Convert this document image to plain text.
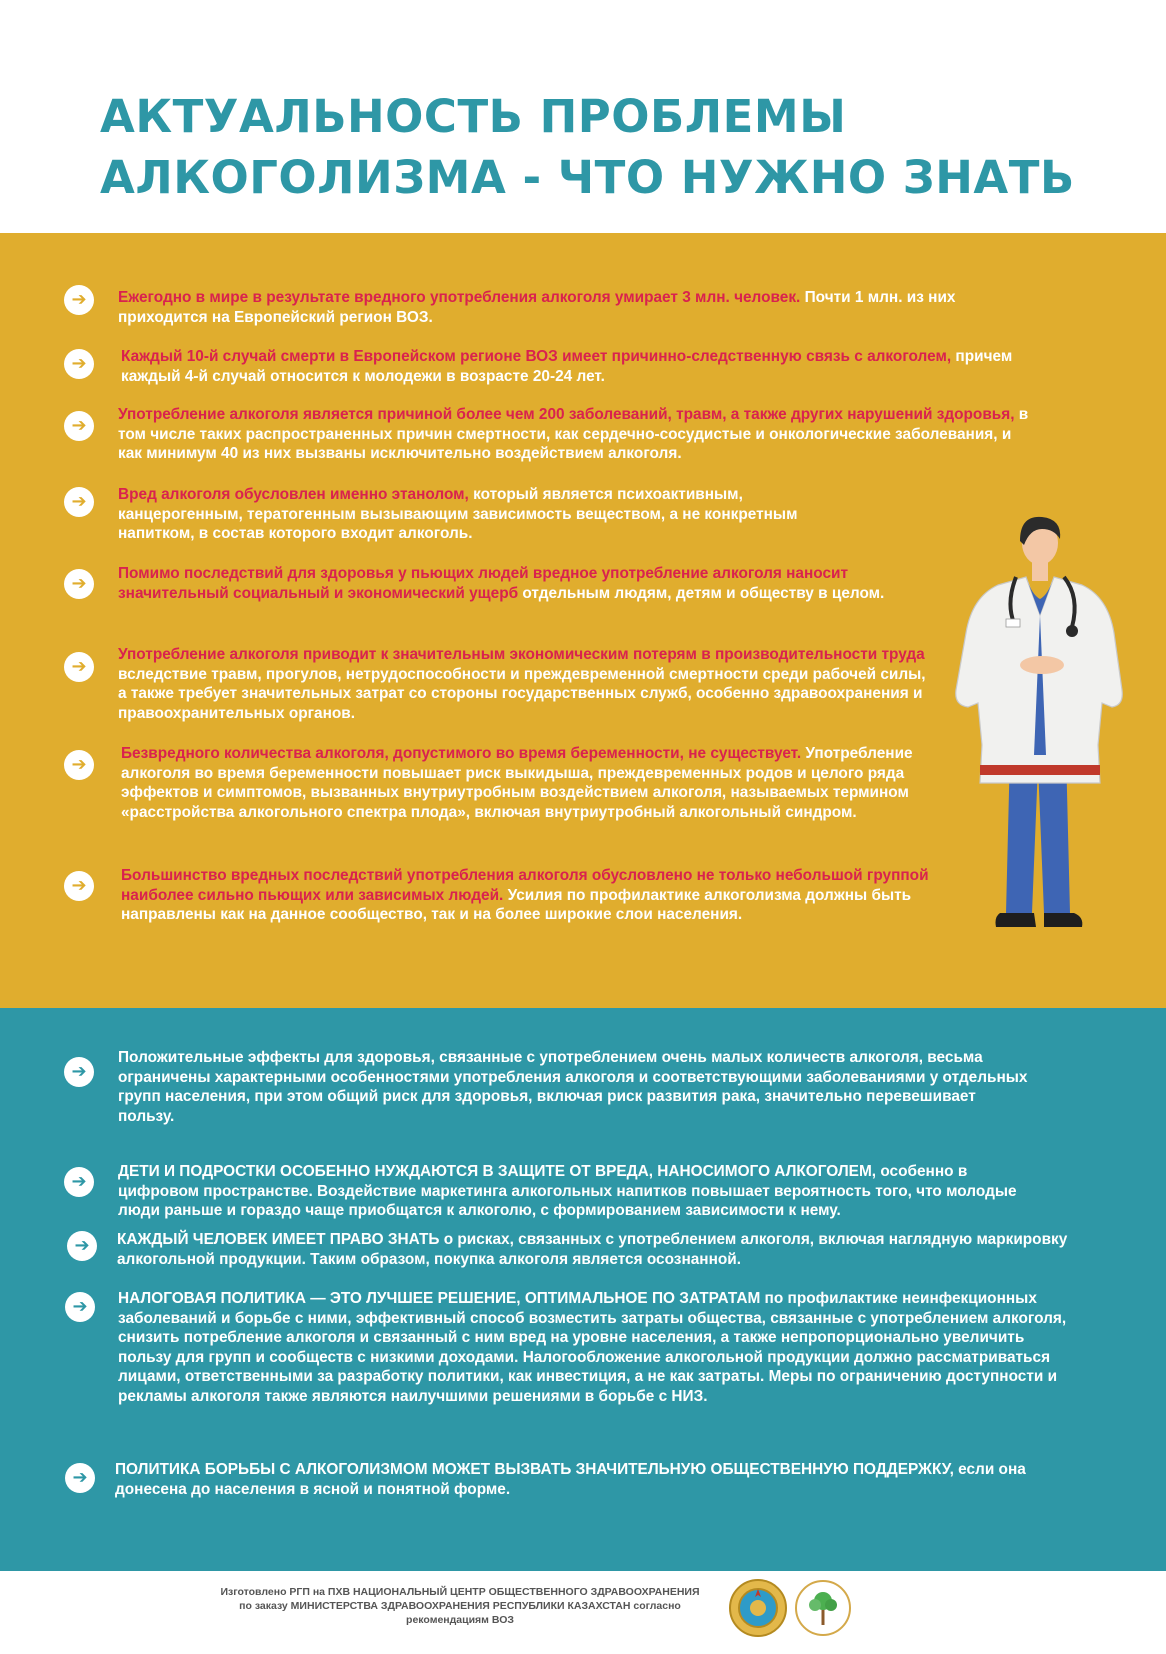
АКТУАЛЬНОСТЬ ПРОБЛЕМЫ
АЛКОГОЛИЗМА - ЧТО НУЖНО ЗНАТЬ
➔	Ежегодно в мире в результате вредного употребления алкоголя умирает 3 млн. человек. Почти 1 млн. из них приходится на Европейский регион ВОЗ.

➔	Каждый 10-й случай смерти в Европейском регионе ВОЗ имеет причинно-следственную связь с алкоголем, причем каждый 4-й случай относится к молодежи в возрасте 20-24 лет.

➔

Употребление алкоголя является причиной более чем 200 заболеваний, травм, а также других нарушений здоровья, в том числе таких распространенных причин смертности, как сердечно-сосудистые и онкологические заболевания, и как минимум 40 из них вызваны исключительно воздействием алкоголя.

➔	Вред алкоголя обусловлен именно этанолом, который является психоактивным, канцерогенным, тератогенным вызывающим зависимость веществом, а не конкретным напитком, в состав которого входит алкоголь.

➔	Помимо последствий для здоровья у пьющих людей вредное употребление алкоголя наносит значительный социальный и экономический ущерб отдельным людям, детям и обществу в целом.

➔

Употребление алкоголя приводит к значительным экономическим потерям в производительности труда вследствие травм, прогулов, нетрудоспособности и преждевременной смертности среди рабочей силы, а также требует значительных затрат со стороны государственных служб, особенно здравоохранения и правоохранительных органов.

➔

Безвредного количества алкоголя, допустимого во время беременности, не существует. Употребление алкоголя во время беременности повышает риск выкидыша, преждевременных родов и целого ряда эффектов и симптомов, вызванных внутриутробным воздействием алкоголя, называемых термином «расстройства алкогольного спектра плода», включая внутриутробный алкогольный синдром.

➔	Большинство вредных последствий употребления алкоголя обусловлено не только небольшой группой наиболее сильно пьющих или зависимых людей. Усилия по профилактике алкоголизма должны быть направлены как на данное сообщество, так и на более широкие слои населения.

➔

Положительные эффекты для здоровья, связанные с употреблением очень малых количеств алкоголя, весьма ограничены характерными особенностями употребления алкоголя и соответствующими заболеваниями у отдельных групп населения, при этом общий риск для здоровья, включая риск развития рака, значительно перевешивает пользу.

➔	ДЕТИ И ПОДРОСТКИ ОСОБЕННО НУЖДАЮТСЯ В ЗАЩИТЕ ОТ ВРЕДА, НАНОСИМОГО АЛКОГОЛЕМ, особенно в цифровом пространстве. Воздействие маркетинга алкогольных напитков повышает вероятность того, что молодые люди раньше и гораздо чаще приобщатся к алкоголю, с формированием зависимости к нему.

➔	КАЖДЫЙ ЧЕЛОВЕК ИМЕЕТ ПРАВО ЗНАТЬ о рисках, связанных с употреблением алкоголя, включая наглядную маркировку алкогольной продукции. Таким образом, покупка алкоголя является осознанной.

➔	НАЛОГОВАЯ ПОЛИТИКА — ЭТО ЛУЧШЕЕ РЕШЕНИЕ, ОПТИМАЛЬНОЕ ПО ЗАТРАТАМ по профилактике неинфекционных заболеваний и борьбе с ними, эффективный способ возместить затраты общества, связанные с употреблением алкоголя, снизить потребление алкоголя и связанный с ним вред на уровне населения, а также непропорционально увеличить пользу для групп и сообществ с низкими доходами. Налогообложение алкогольной продукции должно рассматриваться лицами, ответственными за разработку политики, как инвестиция, а не как затраты. Меры по ограничению доступности и рекламы алкоголя также являются наилучшими решениями в борьбе с НИЗ.

➔	ПОЛИТИКА БОРЬБЫ С АЛКОГОЛИЗМОМ МОЖЕТ ВЫЗВАТЬ ЗНАЧИТЕЛЬНУЮ ОБЩЕСТВЕННУЮ ПОДДЕРЖКУ, если она донесена до населения в ясной и понятной форме.

Изготовлено РГП на ПХВ НАЦИОНАЛЬНЫЙ ЦЕНТР ОБЩЕСТВЕННОГО ЗДРАВООХРАНЕНИЯ
по заказу МИНИСТЕРСТВА ЗДРАВООХРАНЕНИЯ РЕСПУБЛИКИ КАЗАХСТАН согласно
рекомендациям ВОЗ
